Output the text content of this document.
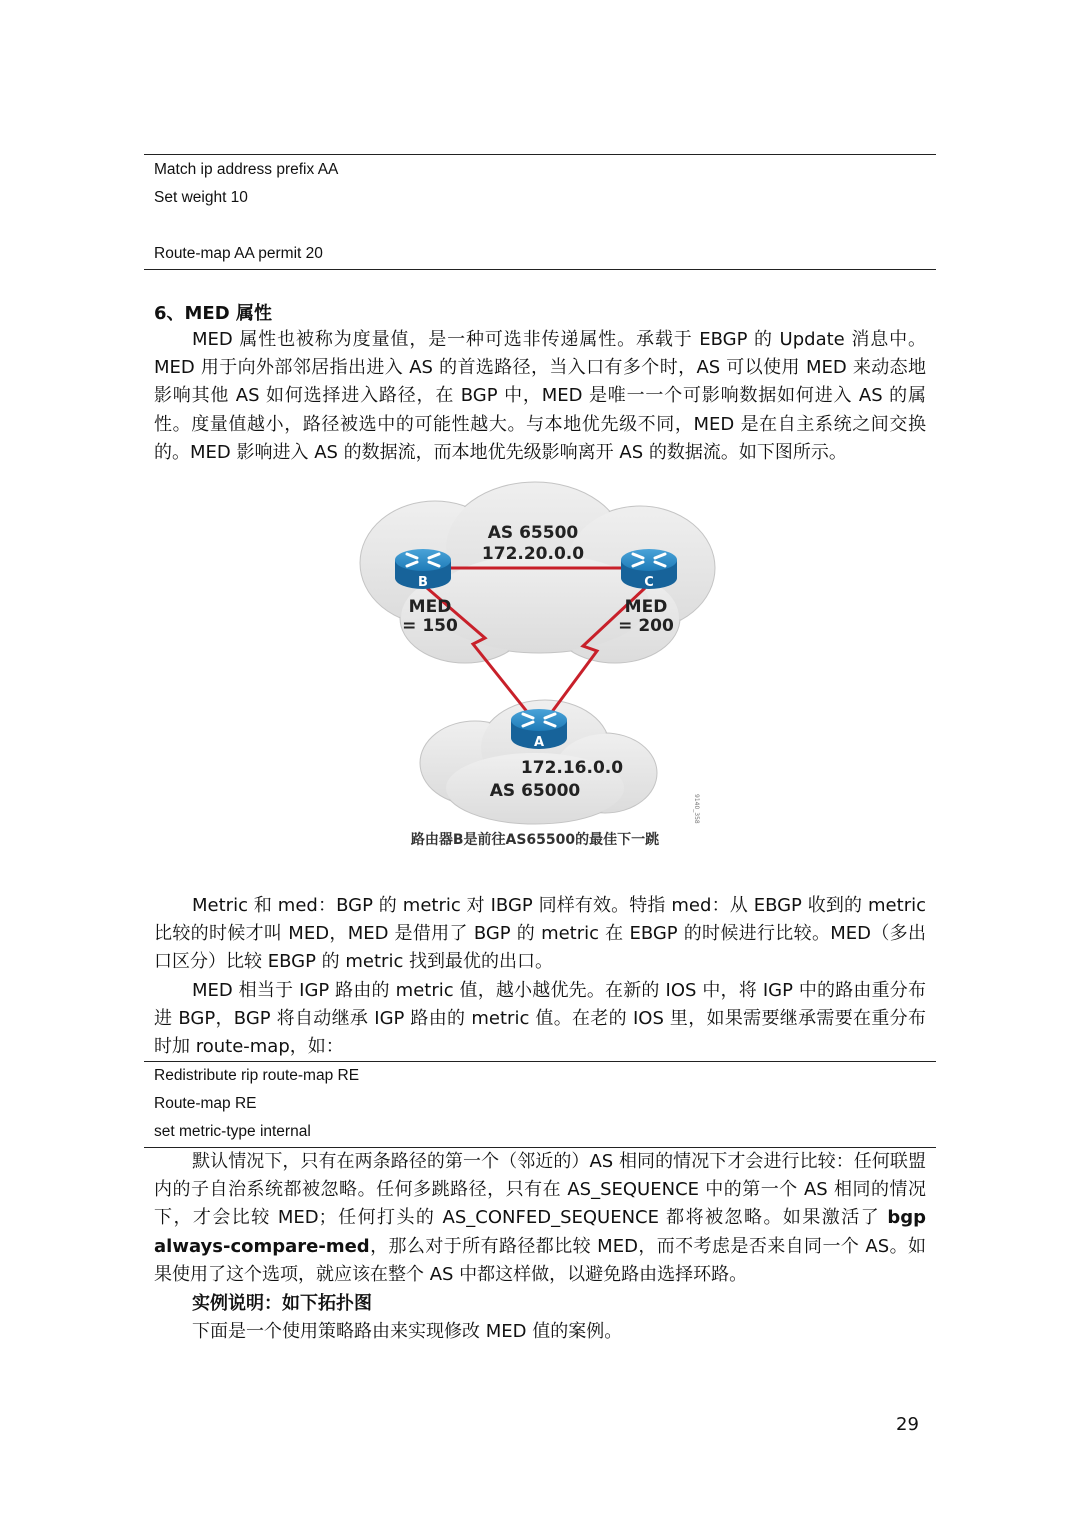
Match ip address prefix AA
Set weight 10
Route-map AA permit 20
6、MED 属性
MED 属性也被称为度量值，是一种可选非传递属性。承载于 EBGP 的 Update 消息中。MED 用于向外部邻居指出进入 AS 的首选路径，当入口有多个时，AS 可以使用 MED 来动态地影响其他 AS 如何选择进入路径，在 BGP 中，MED 是唯一一个可影响数据如何进入 AS 的属性。度量值越小，路径被选中的可能性越大。与本地优先级不同，MED 是在自主系统之间交换的。MED 影响进入 AS 的数据流，而本地优先级影响离开 AS 的数据流。如下图所示。
B	C
A
AS 65500
172.20.0.0
MED
= 150
MED
= 200
172.16.0.0
AS 65000
9140_358
路由器B是前往AS65500的最佳下一跳
Metric 和 med：BGP 的 metric 对 IBGP 同样有效。特指 med：从 EBGP 收到的 metric 比较的时候才叫 MED，MED 是借用了 BGP 的 metric 在 EBGP 的时候进行比较。MED（多出口区分）比较 EBGP 的 metric 找到最优的出口。
MED 相当于 IGP 路由的 metric 值，越小越优先。在新的 IOS 中，将 IGP 中的路由重分布进 BGP，BGP 将自动继承 IGP 路由的 metric 值。在老的 IOS 里，如果需要继承需要在重分布时加 route-map，如：
Redistribute rip route-map RE
Route-map RE
set metric-type internal
默认情况下，只有在两条路径的第一个（邻近的）AS 相同的情况下才会进行比较：任何联盟内的子自治系统都被忽略。任何多跳路径，只有在 AS_SEQUENCE 中的第一个 AS 相同的情况下，才会比较 MED；任何打头的 AS_CONFED_SEQUENCE 都将被忽略。如果激活了 bgp always-compare-med，那么对于所有路径都比较 MED，而不考虑是否来自同一个 AS。如果使用了这个选项，就应该在整个 AS 中都这样做，以避免路由选择环路。
实例说明：如下拓扑图
下面是一个使用策略路由来实现修改 MED 值的案例。
29
